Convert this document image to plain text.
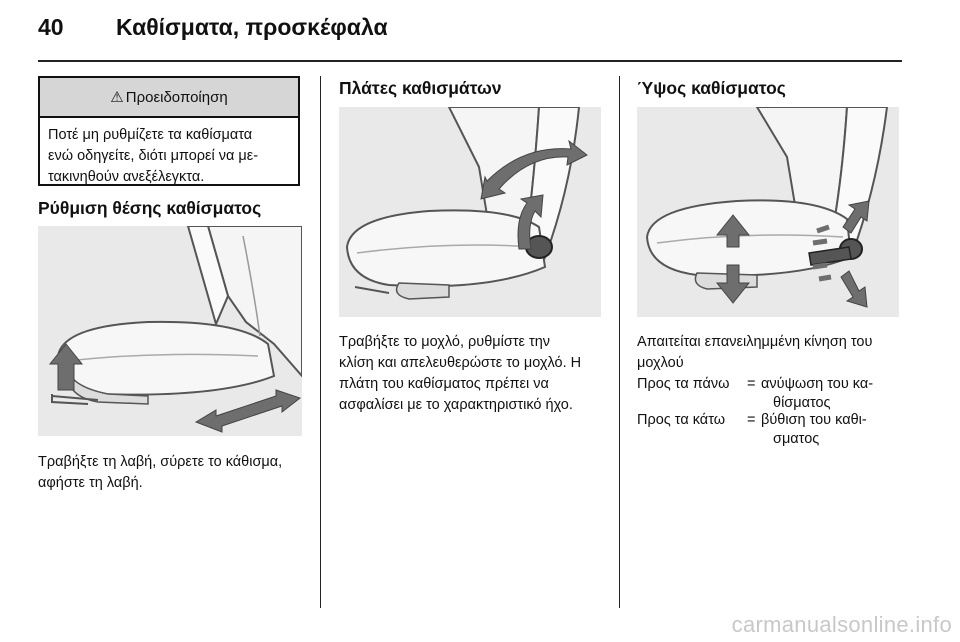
40 Καθίσματα, προσκέφαλα
⚠ Προειδοποίηση
Ποτέ μη ρυθμίζετε τα καθίσματα
ενώ οδηγείτε, διότι μπορεί να με-
τακινηθούν ανεξέλεγκτα.
Ρύθμιση θέσης καθίσματος
Τραβήξτε τη λαβή, σύρετε το κάθισμα,
αφήστε τη λαβή.
Πλάτες καθισμάτων
Τραβήξτε το μοχλό, ρυθμίστε την
κλίση και απελευθερώστε το μοχλό. Η
πλάτη του καθίσματος πρέπει να
ασφαλίσει με το χαρακτηριστικό ήχο.
Ύψος καθίσματος
Απαιτείται επανειλημμένη κίνηση του
μοχλού
Προς τα πάνω = ανύψωση του κα-
θίσματος
Προς τα κάτω = βύθιση του καθι-
σματος
carmanualsonline.info
